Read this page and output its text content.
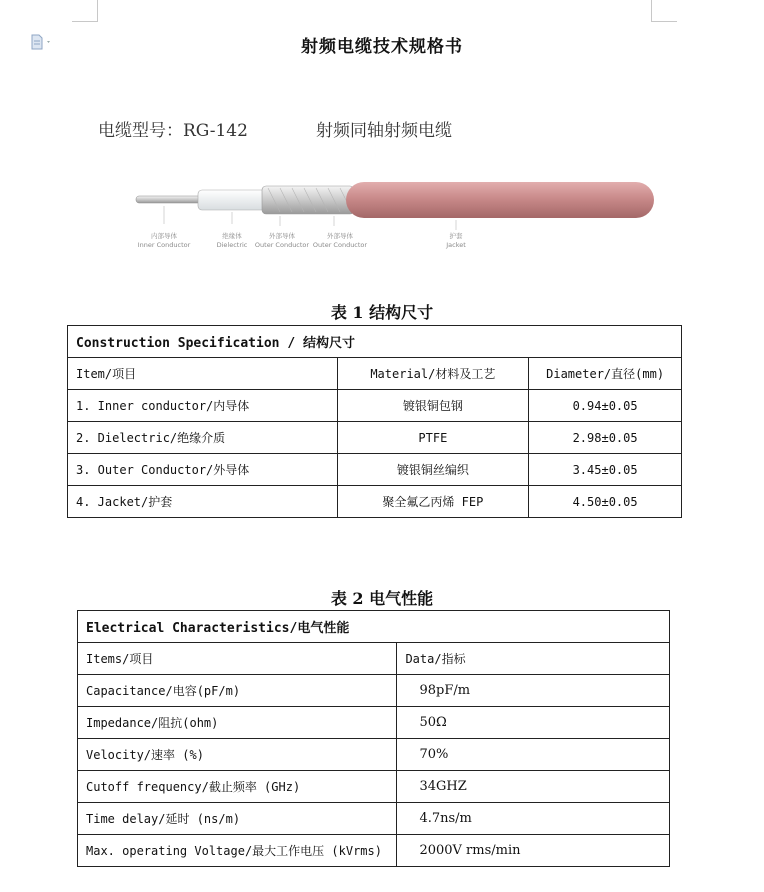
射频电缆技术规格书
电缆型号：RG-142	射频同轴射频电缆
内部导体
Inner Conductor
绝缘体
Dielectric
外部导体
Outer Conductor
外部导体
Outer Conductor
护套
Jacket
表 1 结构尺寸
Construction Specification / 结构尺寸		
Item/项目	Material/材料及工艺	Diameter/直径(mm)
1. Inner conductor/内导体	镀银铜包钢	0.94±0.05
2. Dielectric/绝缘介质	PTFE	2.98±0.05
3. Outer Conductor/外导体	镀银铜丝编织	3.45±0.05
4. Jacket/护套	聚全氟乙丙烯 FEP	4.50±0.05
表 2 电气性能
Electrical Characteristics/电气性能	
Items/项目	Data/指标
Capacitance/电容(pF/m)	98pF/m
Impedance/阻抗(ohm)	50Ω
Velocity/速率 (%)	70%
Cutoff frequency/截止频率 (GHz)	34GHZ
Time delay/延时 (ns/m)	4.7ns/m
Max. operating Voltage/最大工作电压 (kVrms)	2000V rms/min
